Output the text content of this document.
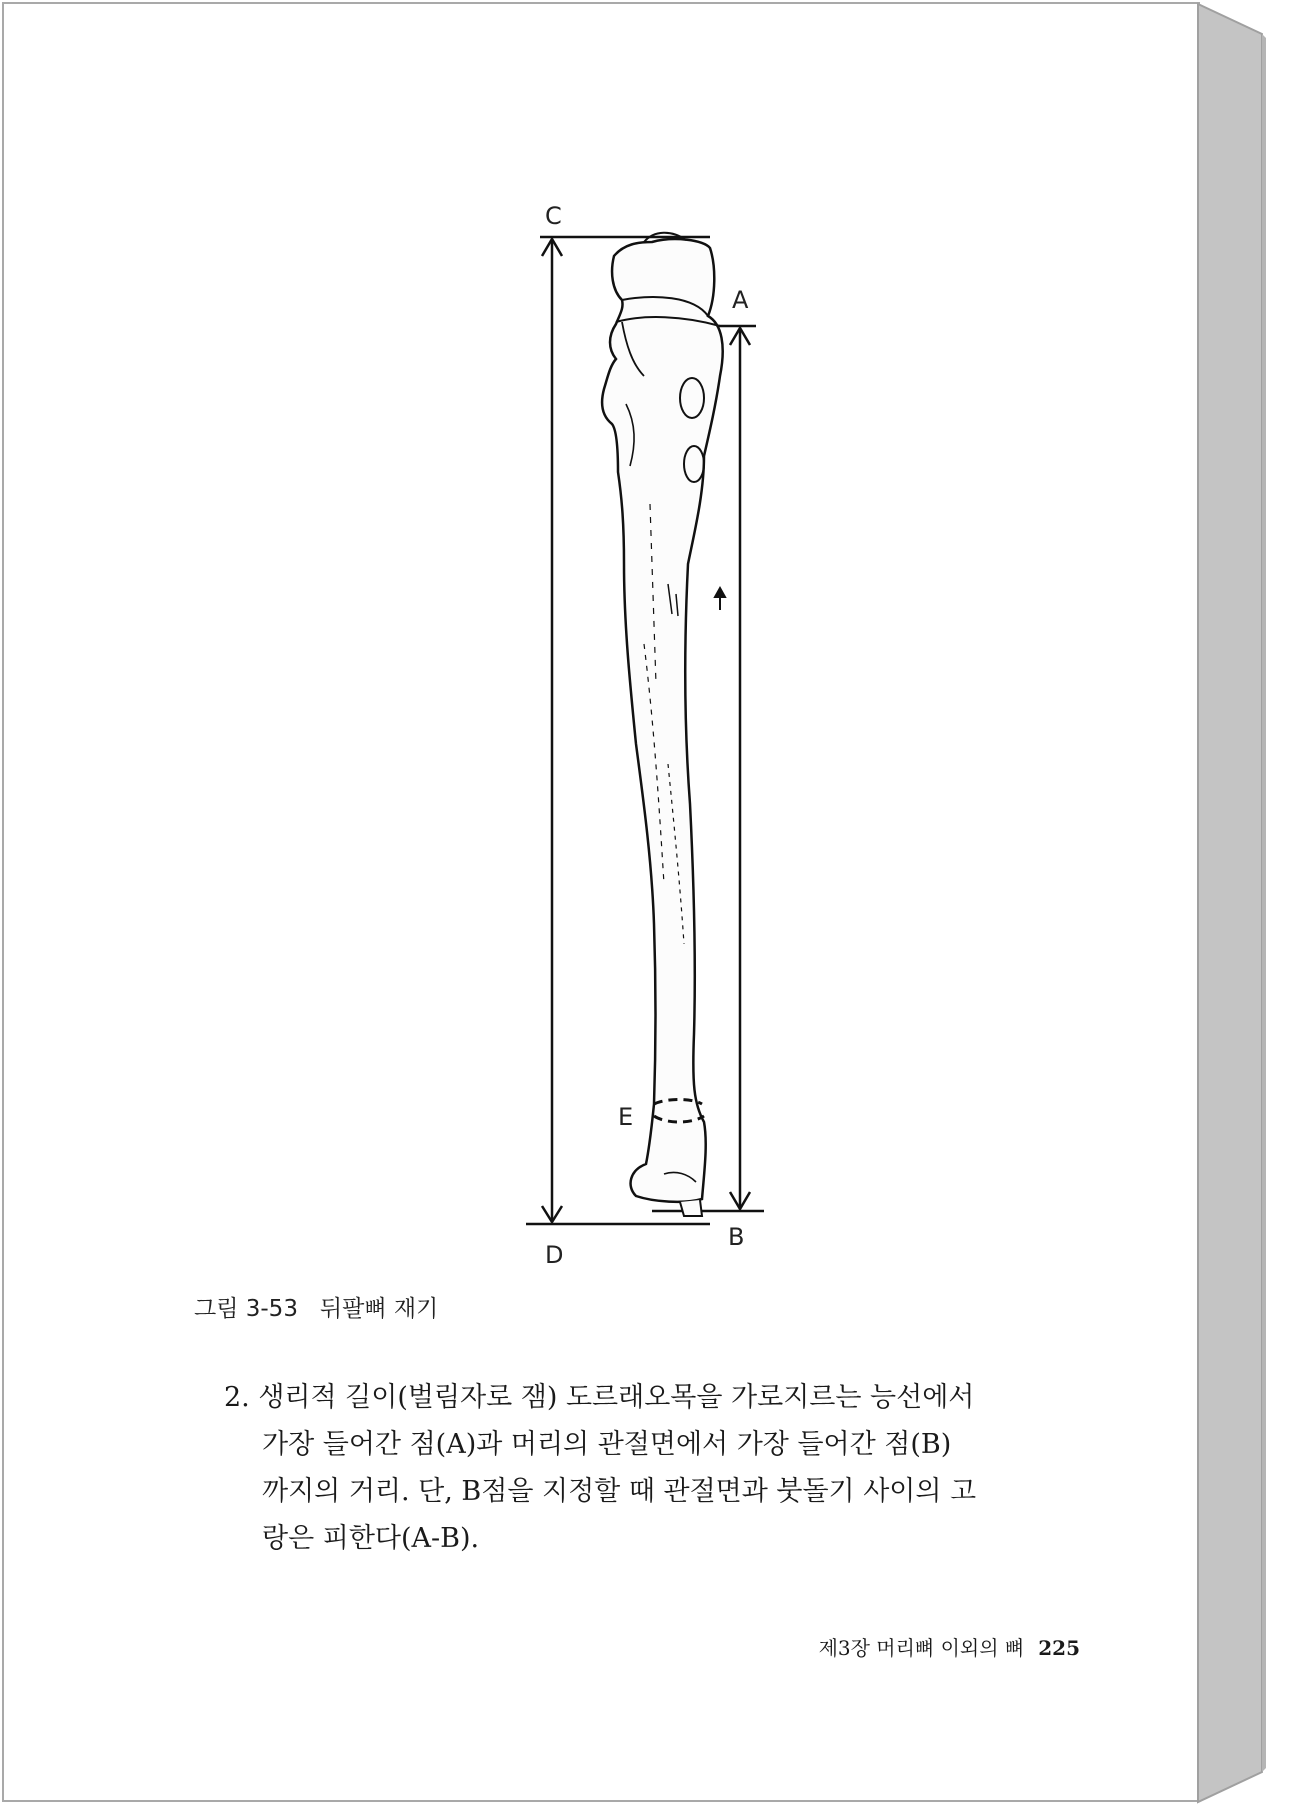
C
A
E
B
D
그림 3-53   뒤팔뼈 재기
2. 생리적 길이(벌림자로 잼) 도르래오목을 가로지르는 능선에서
가장 들어간 점(A)과 머리의 관절면에서 가장 들어간 점(B)
까지의 거리. 단, B점을 지정할 때 관절면과 붓돌기 사이의 고
랑은 피한다(A-B).
제3장 머리뼈 이외의 뼈 225
